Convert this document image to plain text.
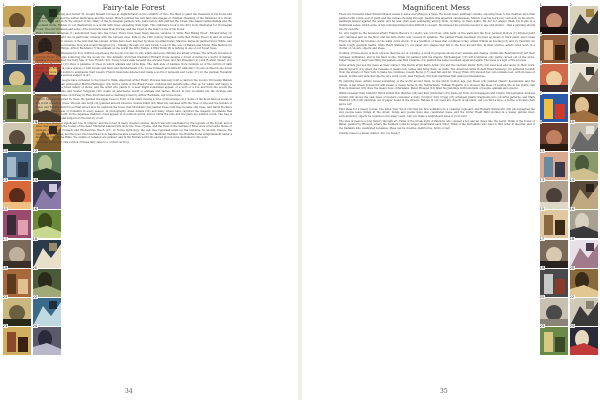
1	2
3	4
5	6
7	8
9	10
11	12
13	14
15	16
17	18
19	20
21	22
23	24
Fairy-tale Forest

Edvard Munch, having just turned 35, bought himself a house at Åsgårdstrand on the outskirts of Oslo. He liked to paint the treasures of his house and the nearby woods and the winter landscapes and the forest. Munch painted his own fairy-tale images of children dreaming of the threshold of a forest, which is more and more the subject of his. Many of the Norwegian painters who came before him painted the forest, like Akseli Gallen-Kallela and the woodland trolls. Hidden in our illustrations is a world with trees spreading their light. This children's book is the first book illustrated for Norwegian Trolls, Theodor Kittelsen and some of the best fairy tales from Norway and the forest is the heart of one of his books.

Hans Christian Andersen (1) adventured deep into the forest. There have been many famous versions of 'Little Red Riding Hood'. Edvard Grieg (2) illustrated the tale and one in particular, running with the beloved ones. Kids in the 19th century imagined Little Red Riding Hood (3) and its wicked brother, and it is this version of the wolf that has spread. Artists have been inspired by these woodland tales: Maurice Denis (4) painted Snow White, and you will find her – and Gustave Doré and Gustaf Tenggren (5) – running through our own forest. Look for the cave of Hansel and Gretel. Elsa Beskow (6) built her own Wild Things, Arthur Rackham (7) the animals on the world the Wild Things. A Wild Thing (8) is lurking in one of our forest trees.

Munch wasn't only interested in how children experience the woods, but also in why adults and even children are afraid of them. The artwork Screams in a forest shows a couple venturing into the woods (9). The fantastic Victorian illustrator Richard Doyle designs a forest of fairies in a world of fantasy. Gustave Doré imagined the fairy tale of Tom Thumb (10). Young lovers walk beneath the ancient trees, and Jan Brueghel (11) and Roelant Savery (12) and Henri Rousseau (13) show a paradise of trees in which animals and birds hide. The dark side of Gustave Doré reminds us of the terrors of dark forests. Max Ernst (14) gave spaces of wild forests and birds and thunderheads (15). Lucas Cranach and Albrecht Altdorfer (16) also worked in the forest and used colors and motifs to emphasize their beauty. French musicians listened and made a world of tempests and rocks (17). In the German Romantic period, nature was a serious subject of art.

Throughout history, people have retreated to the forest to think. American writer Henry Thoreau famously built a cabin in the woods (18) beside Walden Pond, and the German philosopher Martin Heidegger (19) built a cabin in the Black Forest. Children and parents alike often go for walks, and happy is the child who sees a forest family of ducks, and the artist who paints it. A deer might sometimes appear, or a wolf, or a fox, and from the woods the fantastic Walter Crane and Gustaf Tenggren (20) create an alternative world of animals and fairies. Shown in this woodland are the strange and wonderful Little Gnomes of Norway by Rien Poortvliet and a charming forest by Arthur Rackham, lost in the trees.

Munch was also inspired by trees. He painted the apple trees in front of his cabin, having a Tree of Knowledge (21). Some of the most famous works in the world are about trees: Vincent van Gogh (22) painted almond blossom, Gustav Klimt (23) filled his canvases with the Tree of Life and the Garden of Eden, and Edvard Munch's portrait shows how he captured the trees. Piet Mondrian (24) painted trees until they became only lines, and David Hockney (25) painted the trees of Yorkshire in every season. In photography, Ansel Adams (26) and many others have captured the majestic woodlands that stretch across the world. In the Japanese tradition, trees appear in woodblock prints, and in China the pine and the plum are painted in ink. The tree is one of the most popular subjects in the history of art.

These trees played a significant role in religion, and the forest in many creation stories. Munch was also fascinated by the legends of the forest, and of trees that grow from the bodies of the dead. Medieval manuscripts show the Tree of Jesse, and the trees in the Garden of Eden were a favourite theme of painters like Lucas Cranach and Hieronymus Bosch (27). In Norse mythology, the ash tree Yggdrasil holds up the universe. In ancient Greece, the nymphs lived in trees, and the poet Ovid described how Daphne became a laurel tree. In the Buddhist tradition, the Buddha found enlightenment under a Bodhi tree (28). In the Bible, the cedars of Lebanon are praised, and in the Roman world the sacred groves were dedicated to the gods.

You could write your own version of these fairy tales too, or find our frog.

34
Magnificent Mess

There are moments when Edvard Munch seems to have everything in a mess. He would leave paintings outside, exposing them to the weather, and often painted with a thin coat of paint and the canvas showing through. Despite this apparent carelessness, Munch took his work very seriously. In his studio, paintings leaned against the walls, and he was often seen wandering among them, working on them again. He did not always finish his works in a traditional sense, which some of his contemporaries found difficult to accept. He believed his pictures needed to age and endure – that a painting should live its own life.

So, who might be the messiest artist? Francis Bacon's (1) studio was notorious, with paint on the walls and the floor. Jackson Pollock (2) dripped paint onto canvases laid on the floor, and his barn studio was covered in splashes. The painter Frank Auerbach (3) piled up layers of thick paint, and Lucian Freud (4) wiped his brushes on the walls of his studio. It is a tradition of mess that continues today. Artists Willem de Kooning (5) and Cy Twombly (6) made rough, gestural marks, while Henri Matisse (7) cut paper into shapes that fell to the floor around him. In their studios, artists often work in a clutter of colours, objects and ideas.

Nothing of mess above is more obvious than the act of creating. A work in progress shows every mistake and change. Artists like Rembrandt (8) left their canvases unfinished, and in his later works, Titian (9) painted with his fingers. Michelangelo (10) left sculptures only partly carved out of the stone. Edgar Degas (11) kept reworking his pastels, and Paul Cézanne (12) painted the same mountain again and again. The mess is a sign of the process.

Some artists just use the mess as their subject. The Dutch artist Karin Arink (13) and the German Dieter Roth (14) used food and decay in their work. Daniel Spoerri (15) glued the remains of meals onto tables and hung them on walls. The American artist Robert Rauschenberg (16) gathered rubbish from the streets of New York to make his combines. Joseph Beuys (17) used felt and fat. Tracey Emin (18) showed her own unmade bed, with its mess of sheets, bottles and personal objects, as a work of art. Jean Tinguely (19) built machines that destroyed themselves.

By painting mess, artists reveal something of the world around them. In the Dutch Golden Age, Jan Steen (20) painted chaotic households, and the phrase 'a Jan Steen household' still means a messy home in the Netherlands. William Hogarth (21) showed the mess of London life in his prints, and Honoré Daumier (22) drew the messy lives of Parisians. Pieter Bruegel (23) filled his paintings with hundreds of people, animals and objects.

What's messier than rubbish? Dutch artists Bob Marinus (24) and Kurt Schwitters (25) made art from old newspapers and tickets. Photographer Andreas Gursky (26) shows the vast mess of modern consumer society. Sculptor Tony Cragg (27) arranged plastic fragments into colourful patterns, and Mark Bradford (28) built paintings out of paper found in the streets. Hidden in our mess are objects of all kinds: can you find a shoe, a bottle, a broken chair and a cat?

Find ideas for a messy review. The artist Tony Wood (29) had his first exhibition in a cleaning cupboard, and Richard Wentworth (30) photographed the way people leave things in the street. Songs and poems have also celebrated mess, and the writer Roald Dahl worked in a messy garden shed, surrounded by objects he collected over many years. Can you make a magnificent mess of your own?

The idea of mess is a long history through art. Think of the Greek myth of Pandora, who opened a box and let chaos into the world. Think of the Tower of Babel, painted by Bruegel, where the builders could no longer understand each other. Think of the Surrealists who tried to find order in disorder, and of the Dadaists who celebrated nonsense. Mess can be creative, destructive, funny or sad.

Clearly, mess is a messy matter. Are you messy?

35
1	2
3	4
5	6
7	8
9	10
11	12
13	14
15	16
17	18
19	20
21	22
23	24
